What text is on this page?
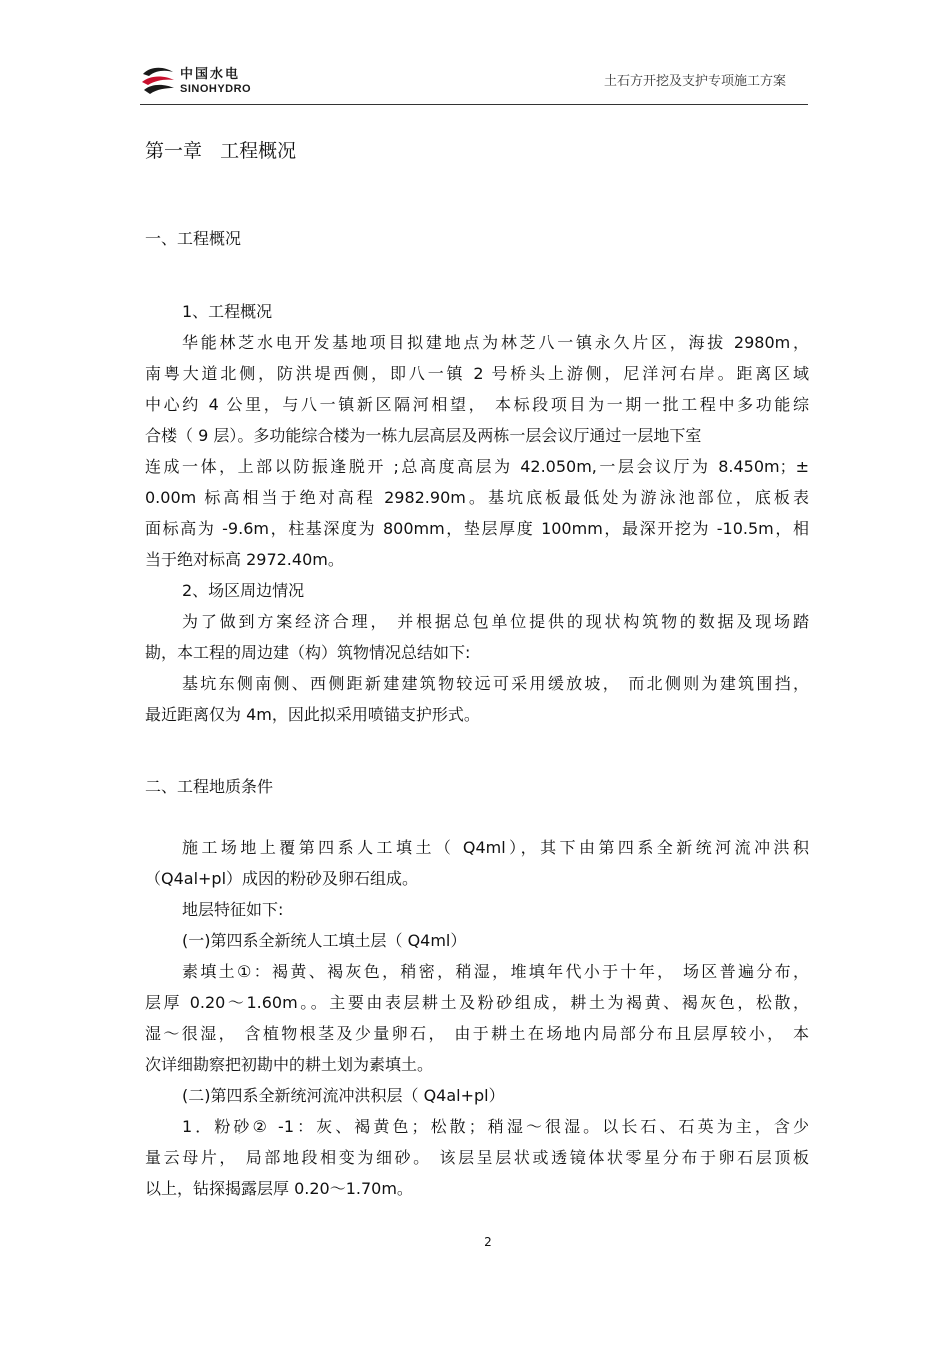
中国水电
SINOHYDRO	土石方开挖及支护专项施工方案
第一章   工程概况
一、工程概况

1、工程概况

华能林芝水电开发基地项目拟建地点为林芝八一镇永久片区，海拔 2980m，

南粤大道北侧，防洪堤西侧，即八一镇 2 号桥头上游侧，尼洋河右岸。距离区域

中心约 4 公里，与八一镇新区隔河相望， 本标段项目为一期一批工程中多功能综

合楼（ 9 层）。多功能综合楼为一栋九层高层及两栋一层会议厅通过一层地下室

连成一体，上部以防振逢脱开 ;总高度高层为 42.050m,一层会议厅为 8.450m；±

0.00m 标高相当于绝对高程 2982.90m。基坑底板最低处为游泳池部位，底板表

面标高为 -9.6m，柱基深度为 800mm，垫层厚度 100mm，最深开挖为 -10.5m，相

当于绝对标高 2972.40m。

2、场区周边情况

为了做到方案经济合理， 并根据总包单位提供的现状构筑物的数据及现场踏

勘，本工程的周边建（构）筑物情况总结如下:

基坑东侧南侧、西侧距新建建筑物较远可采用缓放坡， 而北侧则为建筑围挡，

最近距离仅为 4m，因此拟采用喷锚支护形式。

二、工程地质条件

施工场地上覆第四系人工填土（ Q4ml），其下由第四系全新统河流冲洪积

（Q4al+pl）成因的粉砂及卵石组成。

地层特征如下:

(一)第四系全新统人工填土层（ Q4ml）

素填土①：褐黄、褐灰色，稍密，稍湿，堆填年代小于十年， 场区普遍分布，

层厚 0.20～1.60m。。主要由表层耕土及粉砂组成，耕土为褐黄、褐灰色，松散，

湿～很湿， 含植物根茎及少量卵石， 由于耕土在场地内局部分布且层厚较小， 本

次详细勘察把初勘中的耕土划为素填土。

(二)第四系全新统河流冲洪积层（ Q4al+pl）

1．粉砂② -1：灰、褐黄色；松散；稍湿～很湿。以长石、石英为主，含少

量云母片， 局部地段相变为细砂。 该层呈层状或透镜体状零星分布于卵石层顶板

以上，钻探揭露层厚 0.20～1.70m。

2
